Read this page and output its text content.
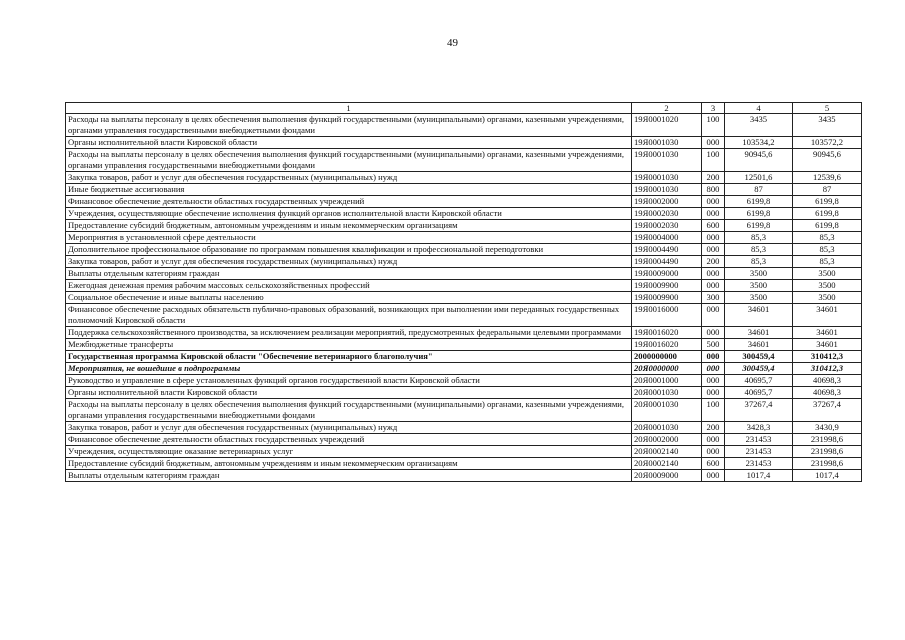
49
1	2	3	4	5
Расходы на выплаты персоналу в целях обеспечения выполнения функций государственными (муниципальными) органами, казенными учреждениями, органами управления государственными внебюджетными фондами	19Я0001020	100	3435	3435
Органы исполнительной власти Кировской области	19Я0001030	000	103534,2	103572,2
Расходы на выплаты персоналу в целях обеспечения выполнения функций государственными (муниципальными) органами, казенными учреждениями, органами управления государственными внебюджетными фондами	19Я0001030	100	90945,6	90945,6
Закупка товаров, работ и услуг для обеспечения государственных (муниципальных) нужд	19Я0001030	200	12501,6	12539,6
Иные бюджетные ассигнования	19Я0001030	800	87	87
Финансовое обеспечение деятельности областных государственных учреждений	19Я0002000	000	6199,8	6199,8
Учреждения, осуществляющие обеспечение исполнения функций органов исполнительной власти Кировской области	19Я0002030	000	6199,8	6199,8
Предоставление субсидий бюджетным, автономным учреждениям и иным некоммерческим организациям	19Я0002030	600	6199,8	6199,8
Мероприятия в установленной сфере деятельности	19Я0004000	000	85,3	85,3
Дополнительное профессиональное образование по программам повышения квалификации и профессиональной переподготовки	19Я0004490	000	85,3	85,3
Закупка товаров, работ и услуг для обеспечения государственных (муниципальных) нужд	19Я0004490	200	85,3	85,3
Выплаты отдельным категориям граждан	19Я0009000	000	3500	3500
Ежегодная денежная премия рабочим массовых сельскохозяйственных профессий	19Я0009900	000	3500	3500
Социальное обеспечение и иные выплаты населению	19Я0009900	300	3500	3500
Финансовое обеспечение расходных обязательств публично-правовых образований, возникающих при выполнении ими переданных государственных полномочий Кировской области	19Я0016000	000	34601	34601
Поддержка сельскохозяйственного производства, за исключением реализации мероприятий, предусмотренных федеральными целевыми программами	19Я0016020	000	34601	34601
Межбюджетные трансферты	19Я0016020	500	34601	34601
Государственная программа Кировской области "Обеспечение ветеринарного благополучия"	2000000000	000	300459,4	310412,3
Мероприятия, не вошедшие в подпрограммы	20Я0000000	000	300459,4	310412,3
Руководство и управление в сфере установленных функций органов государственной власти Кировской области	20Я0001000	000	40695,7	40698,3
Органы исполнительной власти Кировской области	20Я0001030	000	40695,7	40698,3
Расходы на выплаты персоналу в целях обеспечения выполнения функций государственными (муниципальными) органами, казенными учреждениями, органами управления государственными внебюджетными фондами	20Я0001030	100	37267,4	37267,4
Закупка товаров, работ и услуг для обеспечения государственных (муниципальных) нужд	20Я0001030	200	3428,3	3430,9
Финансовое обеспечение деятельности областных государственных учреждений	20Я0002000	000	231453	231998,6
Учреждения, осуществляющие оказание ветеринарных услуг	20Я0002140	000	231453	231998,6
Предоставление субсидий бюджетным, автономным учреждениям и иным некоммерческим организациям	20Я0002140	600	231453	231998,6
Выплаты отдельным категориям граждан	20Я0009000	000	1017,4	1017,4
